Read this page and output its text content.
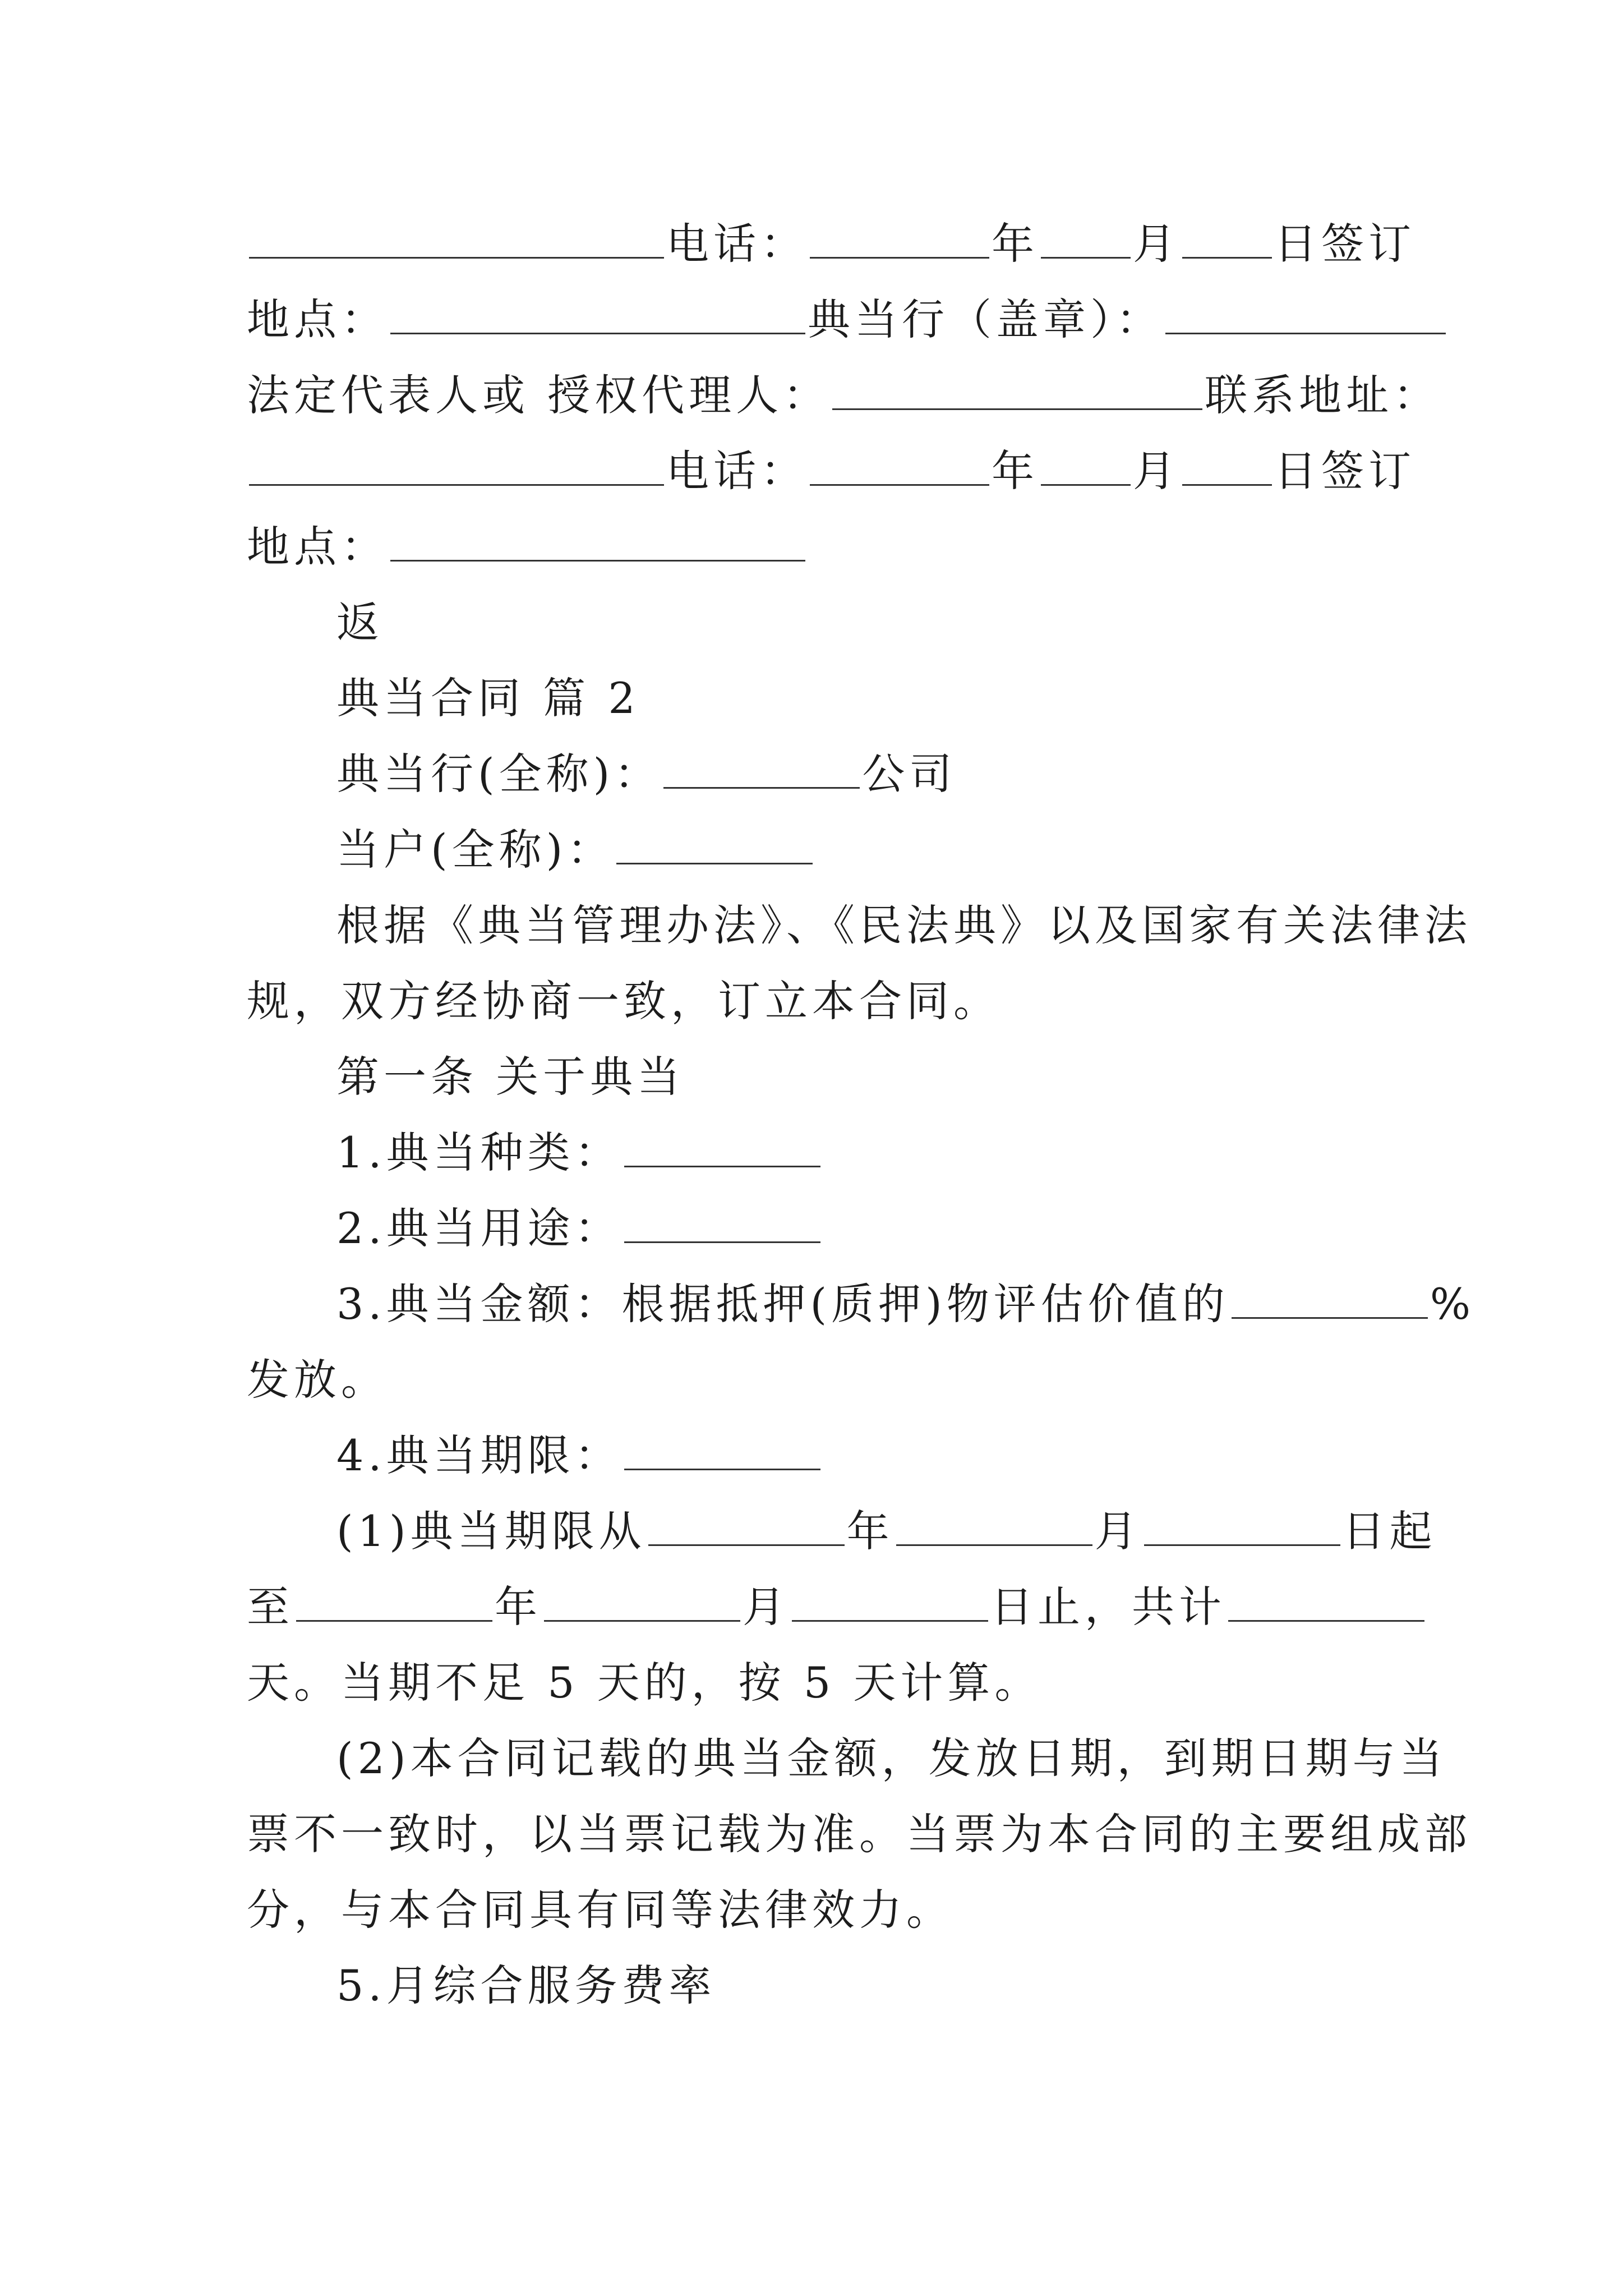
电话：	年 月 日签订
地点：	典当行（盖章）：
法定代表人或 授权代理人：	联系地址：
电话：	年 月 日签订
地点：
返
典当合同 篇 2
典当行(全称)：	公司
当户(全称)：
根据《典当管理办法》、《民法典》以及国家有关法律法
规，双方经协商一致，订立本合同。
第一条 关于典当
1.典当种类：
2.典当用途：
3.典当金额：根据抵押(质押)物评估价值的	%
发放。
4.典当期限：
(1)典当期限从	年	月	日起
至	年	月	日止，共计
天。当期不足 5 天的，按 5 天计算。
(2)本合同记载的典当金额，发放日期，到期日期与当
票不一致时，以当票记载为准。当票为本合同的主要组成部
分，与本合同具有同等法律效力。
5.月综合服务费率
